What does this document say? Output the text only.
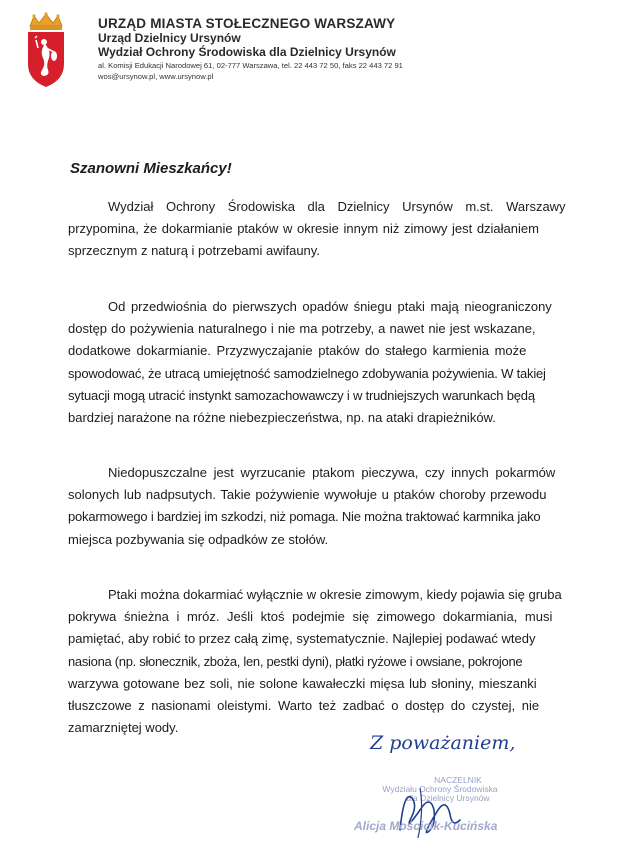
URZĄD MIASTA STOŁECZNEGO WARSZAWY
Urząd Dzielnicy Ursynów
Wydział Ochrony Środowiska dla Dzielnicy Ursynów
al. Komisji Edukacji Narodowej 61, 02-777 Warszawa, tel. 22 443 72 50, faks 22 443 72 91
wos@ursynow.pl, www.ursynow.pl
Szanowni Mieszkańcy!
Wydział Ochrony Środowiska dla Dzielnicy Ursynów m.st. Warszawy
przypomina, że dokarmianie ptaków w okresie innym niż zimowy jest działaniem
sprzecznym z naturą i potrzebami awifauny.
Od przedwiośnia do pierwszych opadów śniegu ptaki mają nieograniczony
dostęp do pożywienia naturalnego i nie ma potrzeby, a nawet nie jest wskazane,
dodatkowe dokarmianie. Przyzwyczajanie ptaków do stałego karmienia może
spowodować, że utracą umiejętność samodzielnego zdobywania pożywienia. W takiej
sytuacji mogą utracić instynkt samozachowawczy i w trudniejszych warunkach będą
bardziej narażone na różne niebezpieczeństwa, np. na ataki drapieżników.
Niedopuszczalne jest wyrzucanie ptakom pieczywa, czy innych pokarmów
solonych lub nadpsutych. Takie pożywienie wywołuje u ptaków choroby przewodu
pokarmowego i bardziej im szkodzi, niż pomaga. Nie można traktować karmnika jako
miejsca pozbywania się odpadków ze stołów.
Ptaki można dokarmiać wyłącznie w okresie zimowym, kiedy pojawia się gruba
pokrywa śnieżna i mróz. Jeśli ktoś podejmie się zimowego dokarmiania, musi
pamiętać, aby robić to przez całą zimę, systematycznie. Najlepiej podawać wtedy
nasiona (np. słonecznik, zboża, len, pestki dyni), płatki ryżowe i owsiane, pokrojone
warzywa gotowane bez soli, nie solone kawałeczki mięsa lub słoniny, mieszanki
tłuszczowe z nasionami oleistymi. Warto też zadbać o dostęp do czystej, nie
zamarzniętej wody.
Z poważaniem,
NACZELNIK
Wydziału Ochrony Środowiska
dla Dzielnicy Ursynów
Alicja Mościcik-Kucińska
